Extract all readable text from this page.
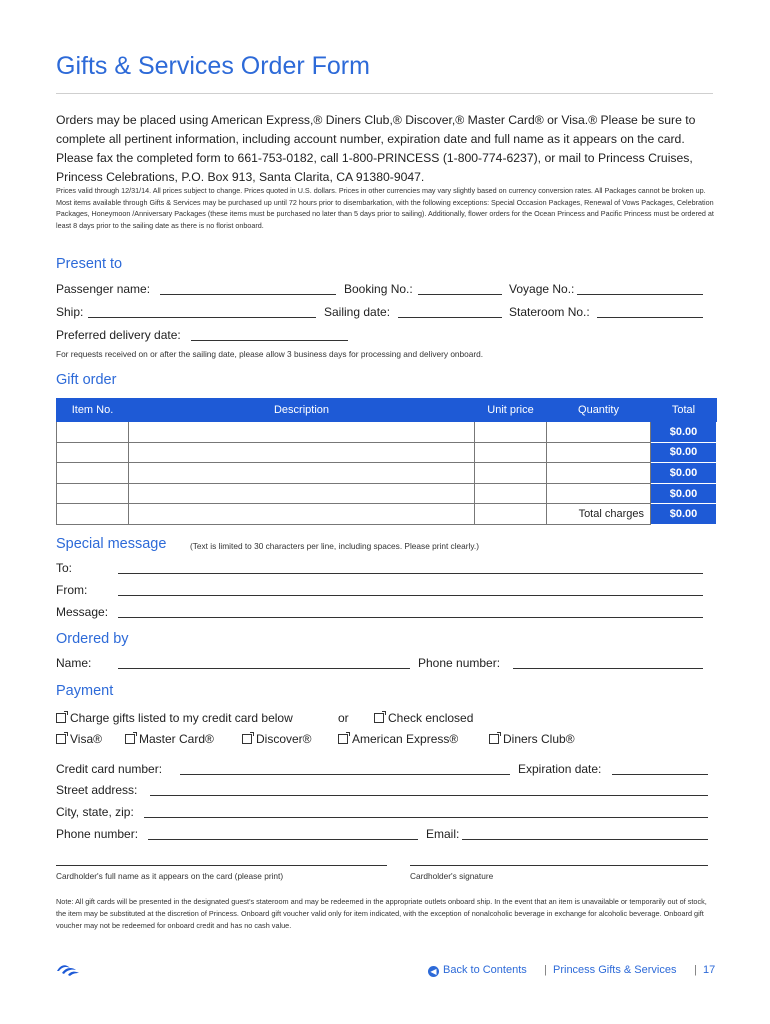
Gifts & Services Order Form
Orders may be placed using American Express,® Diners Club,® Discover,® Master Card® or Visa.® Please be sure to complete all pertinent information, including account number, expiration date and full name as it appears on the card. Please fax the completed form to 661-753-0182, call 1-800-PRINCESS (1-800-774-6237), or mail to Princess Cruises, Princess Celebrations, P.O. Box 913, Santa Clarita, CA 91380-9047.
Prices valid through 12/31/14. All prices subject to change. Prices quoted in U.S. dollars. Prices in other currencies may vary slightly based on currency conversion rates. All Packages cannot be broken up. Most items available through Gifts & Services may be purchased up until 72 hours prior to disembarkation, with the following exceptions: Special Occasion Packages, Renewal of Vows Packages, Celebration Packages, Honeymoon /Anniversary Packages (these items must be purchased no later than 5 days prior to sailing). Additionally, flower orders for the Ocean Princess and Pacific Princess must be ordered at least 8 days prior to the sailing date as there is no florist onboard.
Present to
Passenger name:	Booking No.:	Voyage No.:
Ship:	Sailing date:	Stateroom No.:
Preferred delivery date:
For requests received on or after the sailing date, please allow 3 business days for processing and delivery onboard.
Gift order
Item No.	Description	Unit price	Quantity	Total
				$0.00
				$0.00
				$0.00
				$0.00
			Total charges	$0.00
Special message	(Text is limited to 30 characters per line, including spaces. Please print clearly.)
To:
From:
Message:
Ordered by
Name:	Phone number:
Payment
Charge gifts listed to my credit card below	or	Check enclosed
Visa®	Master Card®	Discover®	American Express®	Diners Club®
Credit card number:	Expiration date:
Street address:
City, state, zip:
Phone number:	Email:
Cardholder's full name as it appears on the card (please print)	Cardholder's signature
Note: All gift cards will be presented in the designated guest's stateroom and may be redeemed in the appropriate outlets onboard ship. In the event that an item is unavailable or temporarily out of stock, the item may be substituted at the discretion of Princess. Onboard gift voucher valid only for item indicated, with the exception of nonalcoholic beverage in exchange for alcoholic beverage. Onboard gift voucher may not be redeemed for onboard credit and has no cash value.
◀ Back to Contents | Princess Gifts & Services | 17
